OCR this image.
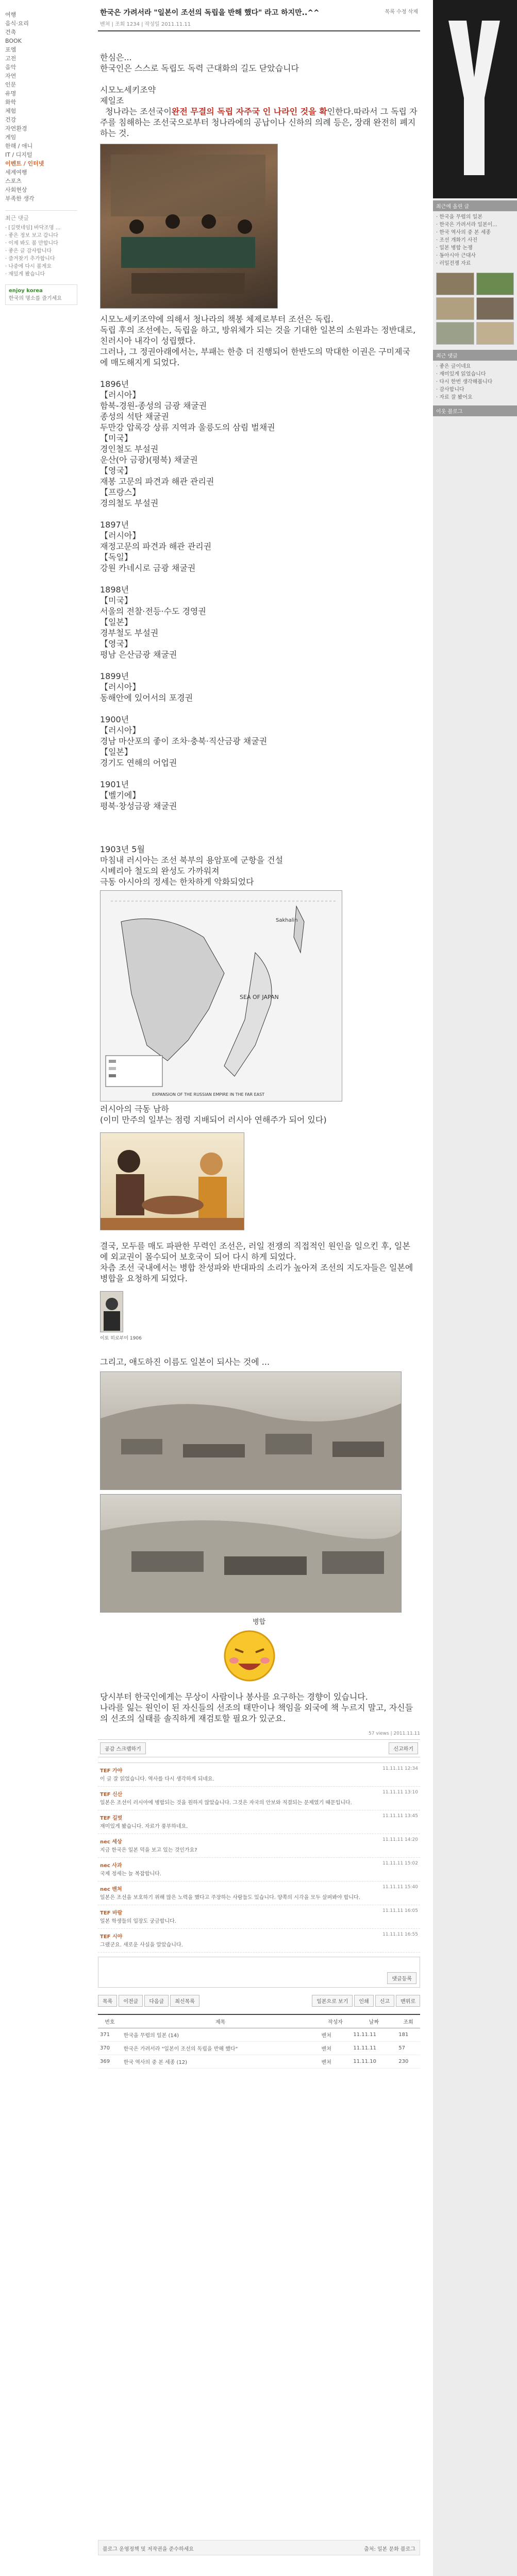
여행
음식·요리
건축
BOOK
포엠
고전
음악
자연
인문
유명
화학
체험
건강
자연환경
게임
한해 / 애니
IT / 디지털
이벤트 / 인터넷
세계여행
스포츠
사회현상
부족한 생각
최근 댓글
· [길벗네임] 바닥조명 ...
· 좋은 정보 보고 갑니다
· 이제 봐도 볼 만합니다
· 좋은 글 감사합니다
· 즐겨찾기 추가합니다
· 나중에 다시 볼게요
· 재밌게 봤습니다
enjoy korea
한국의 명소를 즐기세요
한국은 가려서라 "일본이 조선의 독립을 반해 했다" 라고 하지만..^^
밴쳐 | 조회 1234 | 작성일 2011.11.11
목록 수정 삭제
한심은...
한국인은 스스로 독립도 독력 근대화의 길도 닫았습니다
시모노세키조약
제일조
청나라는 조선국이완전 무결의 독립 자주국 인 나라인 것을 확인한다.따라서 그 독립 자주를 침해하는 조선국으로부터 청나라에의 공납이나 신하의 의례 등은, 장래 완전히 폐지하는 것.
시모노세키조약에 의해서 청나라의 책봉 체제로부터 조선은 독립.
독립 후의 조선에는, 독립을 하고, 방위체가 되는 것을 기대한 일본의 소원과는 정반대로, 친러시아 내각이 성립했다.
그러나, 그 정권아래에서는, 부패는 한층 더 진행되어 한반도의 막대한 이권은 구미제국에 매도해지게 되었다.
1896년
【러시아】
함북-경원-종성의 금광 채굴권
종성의 석탄 채굴권
두만강 압록강 상류 지역과 울릉도의 삼림 벌채권
【미국】
경인철도 부설권
운산(아 금광)(평북) 채굴권
【영국】
재봉 고문의 파견과 해관 관리권
【프랑스】
경의철도 부설권
1897년
【러시아】
재정고문의 파견과 해관 관리권
【독일】
강원 카네시로 금광 채굴권
1898년
【미국】
서울의 전찰·전등·수도 경영권
【일본】
경부철도 부설권
【영국】
평남 은산금광 채굴권
1899년
【러시아】
동해안에 있어서의 포경권
1900년
【러시아】
경남 마산포의 좋이 조차·충북·직산금광 채굴권
【일본】
경기도 연해의 어업권
1901년
【벨기에】
평북·창성금광 채굴권
1903년 5월
마침내 러시아는 조선 북부의 용암포에 군항을 건설
시베리아 철도의 완성도 가까워져
극동 아시아의 정세는 한차하게 악화되었다
SEA OF JAPAN
Sakhalin
EXPANSION OF THE RUSSIAN EMPIRE IN THE FAR EAST
러시아의 극동 남하
(이미 만주의 일부는 점령 지배되어 러시아 연해주가 되어 있다)
결국, 모두를 매도 파판한 무력인 조선은, 러일 전쟁의 직접적인 원인을 일으킨 후, 일본에 외교권이 몰수되어 보호국이 되어 다시 하게 되었다.
차츰 조선 국내에서는 병합 찬성파와 반대파의 소리가 높아져 조선의 지도자들은 일본에 병합을 요청하게 되었다.
이토 히로부미 1906
그리고, 애도하진 이름도 일본이 되사는 것에 ...
병합
당시부터 한국인에게는 무상이 사람이나 봉사를 요구하는 경향이 있습니다.
나라를 잃는 원인이 된 자신들의 선조의 태만이나 책임을 외국에 책 누르지 말고, 자신들의 선조의 실태를 솔직하게 재검토할 필요가 있군요.
57 views | 2011.11.11
공감 스크랩하기	신고하기
TEF 가야	11.11.11 12:34
이 글 잘 읽었습니다. 역사를 다시 생각하게 되네요.
TEF 신산	11.11.11 13:10
일본은 조선이 러시아에 병합되는 것을 원하지 않았습니다. 그것은 자국의 안보와 직결되는 문제였기 때문입니다.
TEF 길벗	11.11.11 13:45
재미있게 봤습니다. 자료가 풍부하네요.
nec 세상	11.11.11 14:20
지금 한국은 일본 덕을 보고 있는 것인가요?
nec 사과	11.11.11 15:02
국제 정세는 늘 복잡합니다.
nec 밴쳐	11.11.11 15:40
일본은 조선을 보호하기 위해 많은 노력을 했다고 주장하는 사람들도 있습니다. 양쪽의 시각을 모두 살펴봐야 합니다.
TEF 바람	11.11.11 16:05
일본 학생들의 입장도 궁금합니다.
TEF 시야	11.11.11 16:55
그랬군요. 새로운 사실을 알았습니다.
댓글등록
목록 이전글 다음글 최신목록	일본으로 보기 인쇄 신고 맨위로
번호	제목	작성자	날짜	조회
371	한국을 무렵의 일본 (14)	밴쳐	11.11.11	181
370	한국은 가려서라 "일본이 조선의 독립을 반해 했다"	밴쳐	11.11.11	57
369	한국 역사의 중 본 세종 (12)	밴쳐	11.11.10	230
블로그 운영정책 및 저작권을 준수하세요	출처: 일본 문화 블로그
최근에 올린 글
· 한국을 무렵의 일본
· 한국은 가려서라 일본이...
· 한국 역사의 중 본 세종
· 조선 개화기 사진
· 일본 병합 논쟁
· 동아시아 근대사
· 러일전쟁 자료
최근 댓글
· 좋은 글이네요
· 재미있게 읽었습니다
· 다시 한번 생각해봅니다
· 감사합니다
· 자료 잘 봤어요
이웃 블로그
